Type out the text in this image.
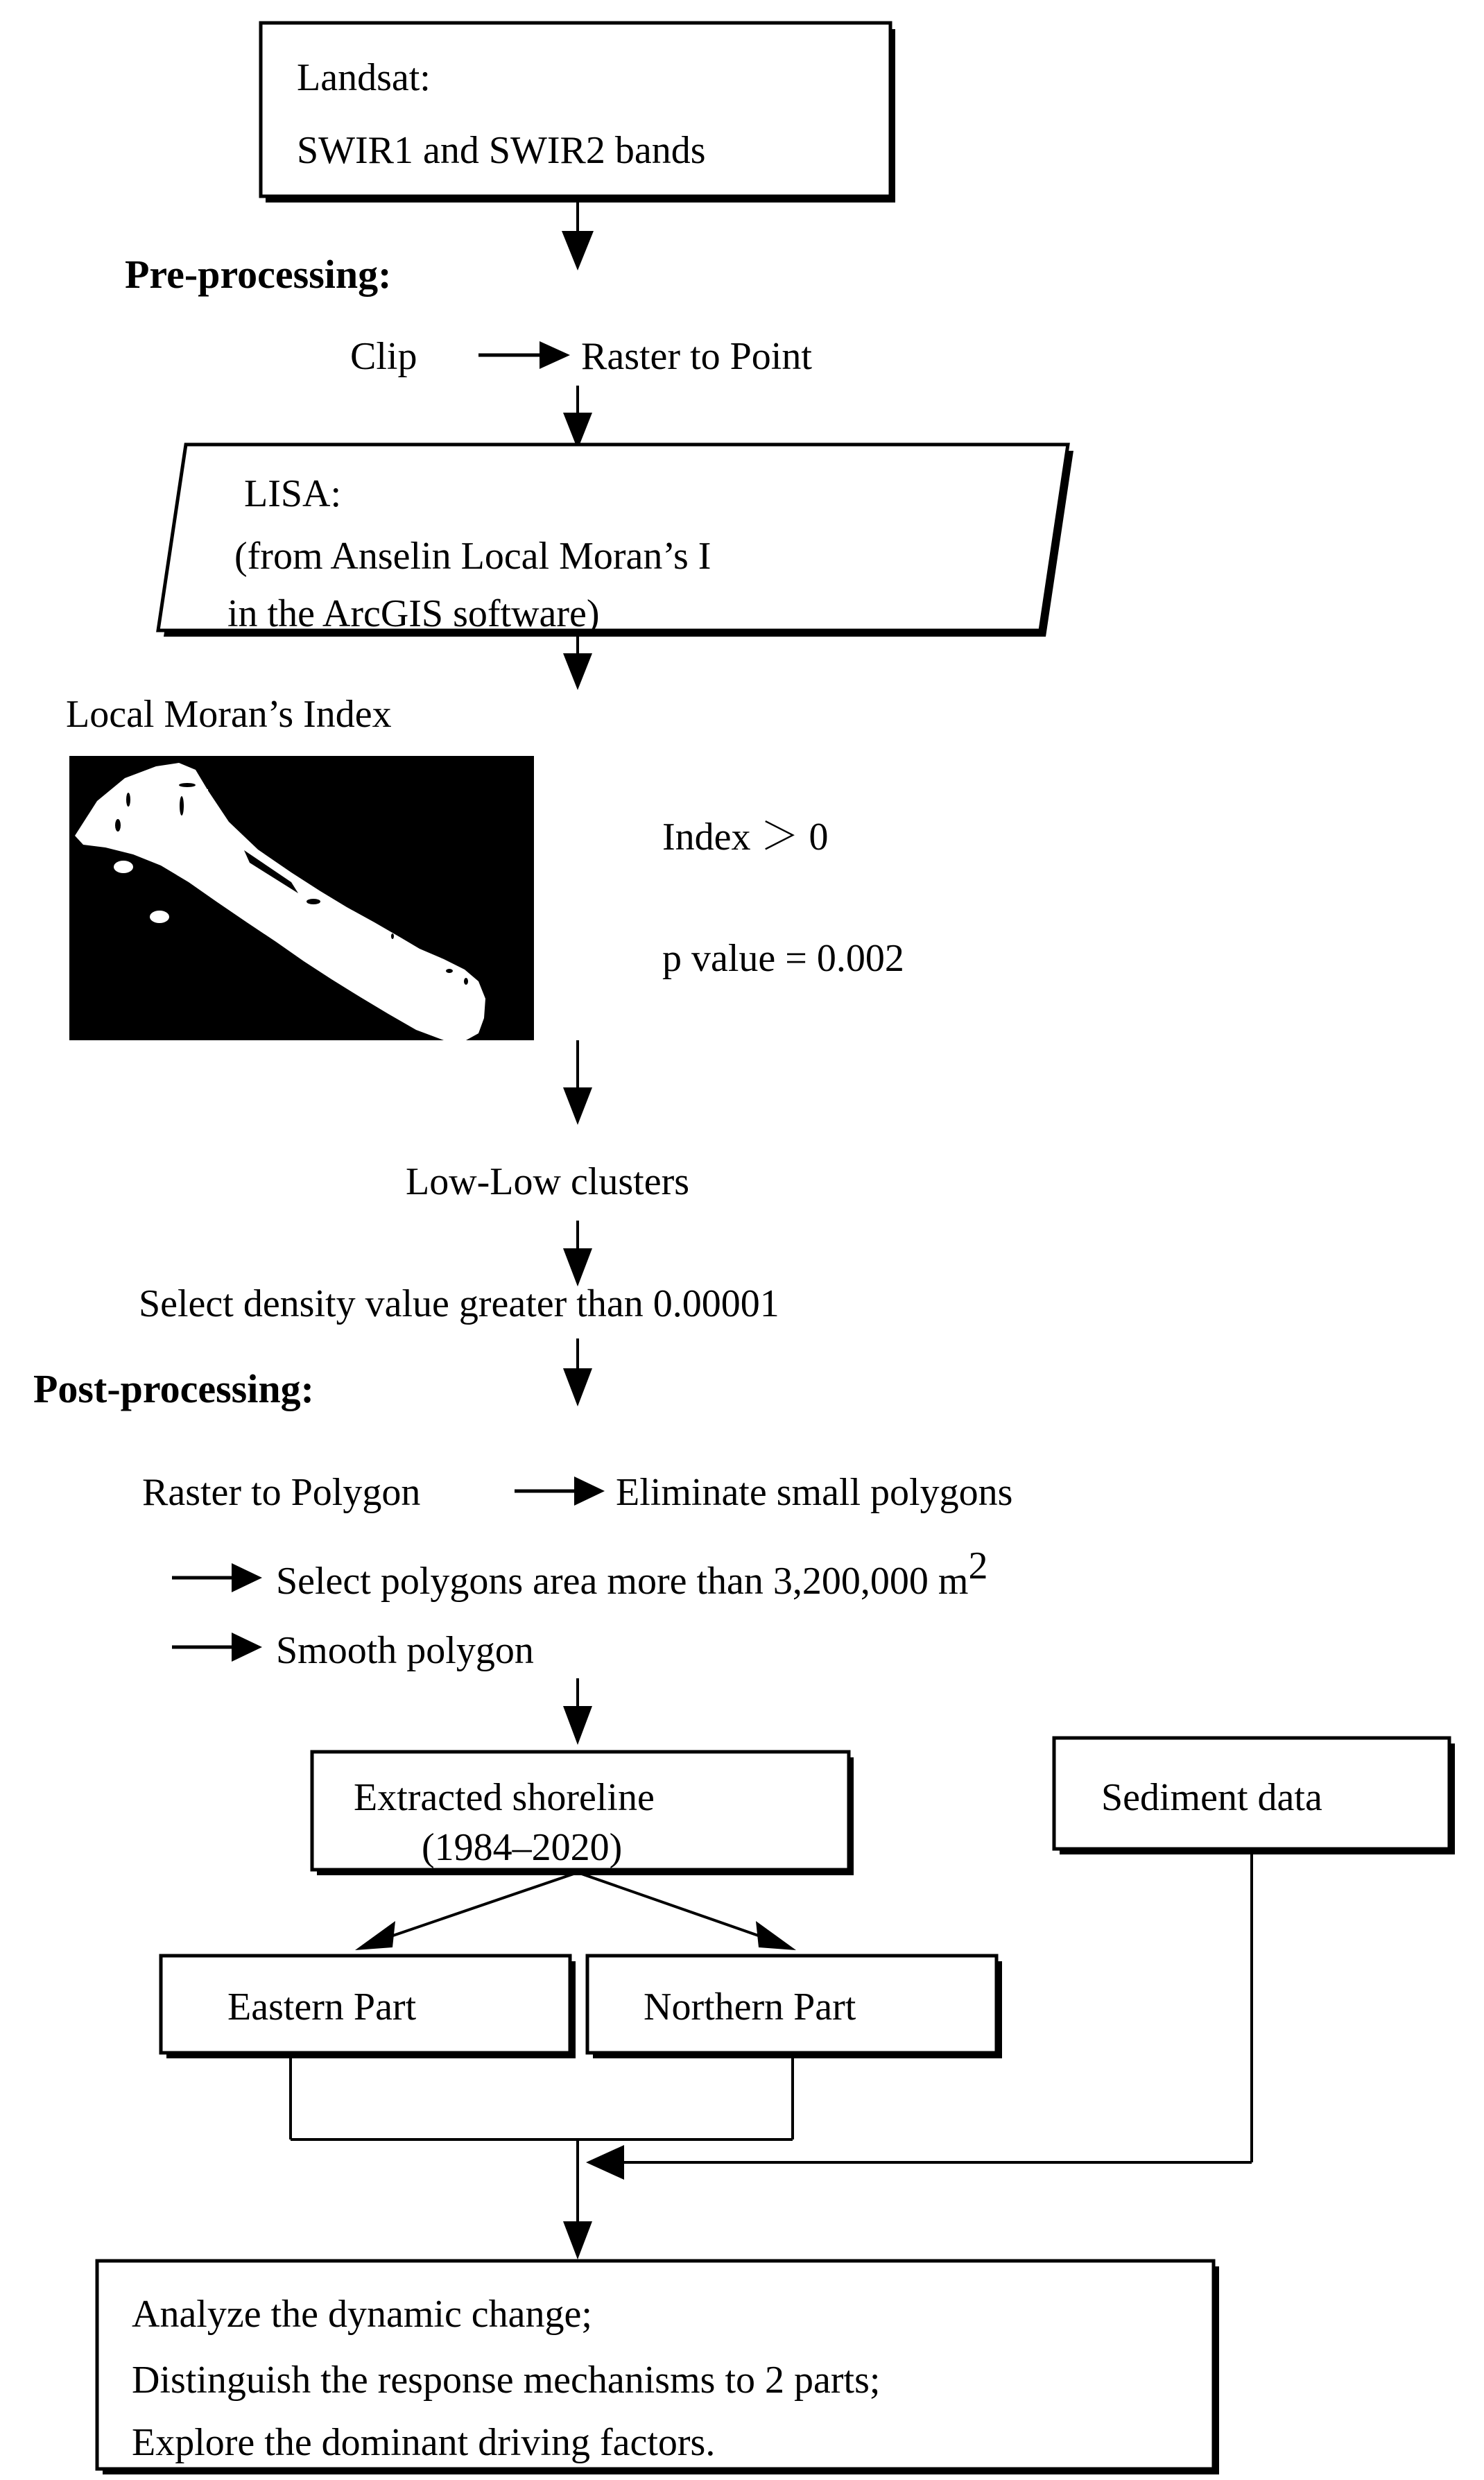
Landsat:
SWIR1 and SWIR2 bands
Pre-processing:
Clip	Raster to Point
LISA:
(from Anselin Local Moran’s I
in the ArcGIS software)
Local Moran’s Index
Index ＞ 0
p value = 0.002
Low-Low clusters
Select density value greater than 0.00001
Post-processing:
Raster to Polygon	Eliminate small polygons
Select polygons area more than 3,200,000 m2
Smooth polygon
Extracted shoreline
(1984–2020)
Sediment data
Eastern Part	Northern Part
Analyze the dynamic change;
Distinguish the response mechanisms to 2 parts;
Explore the dominant driving factors.
